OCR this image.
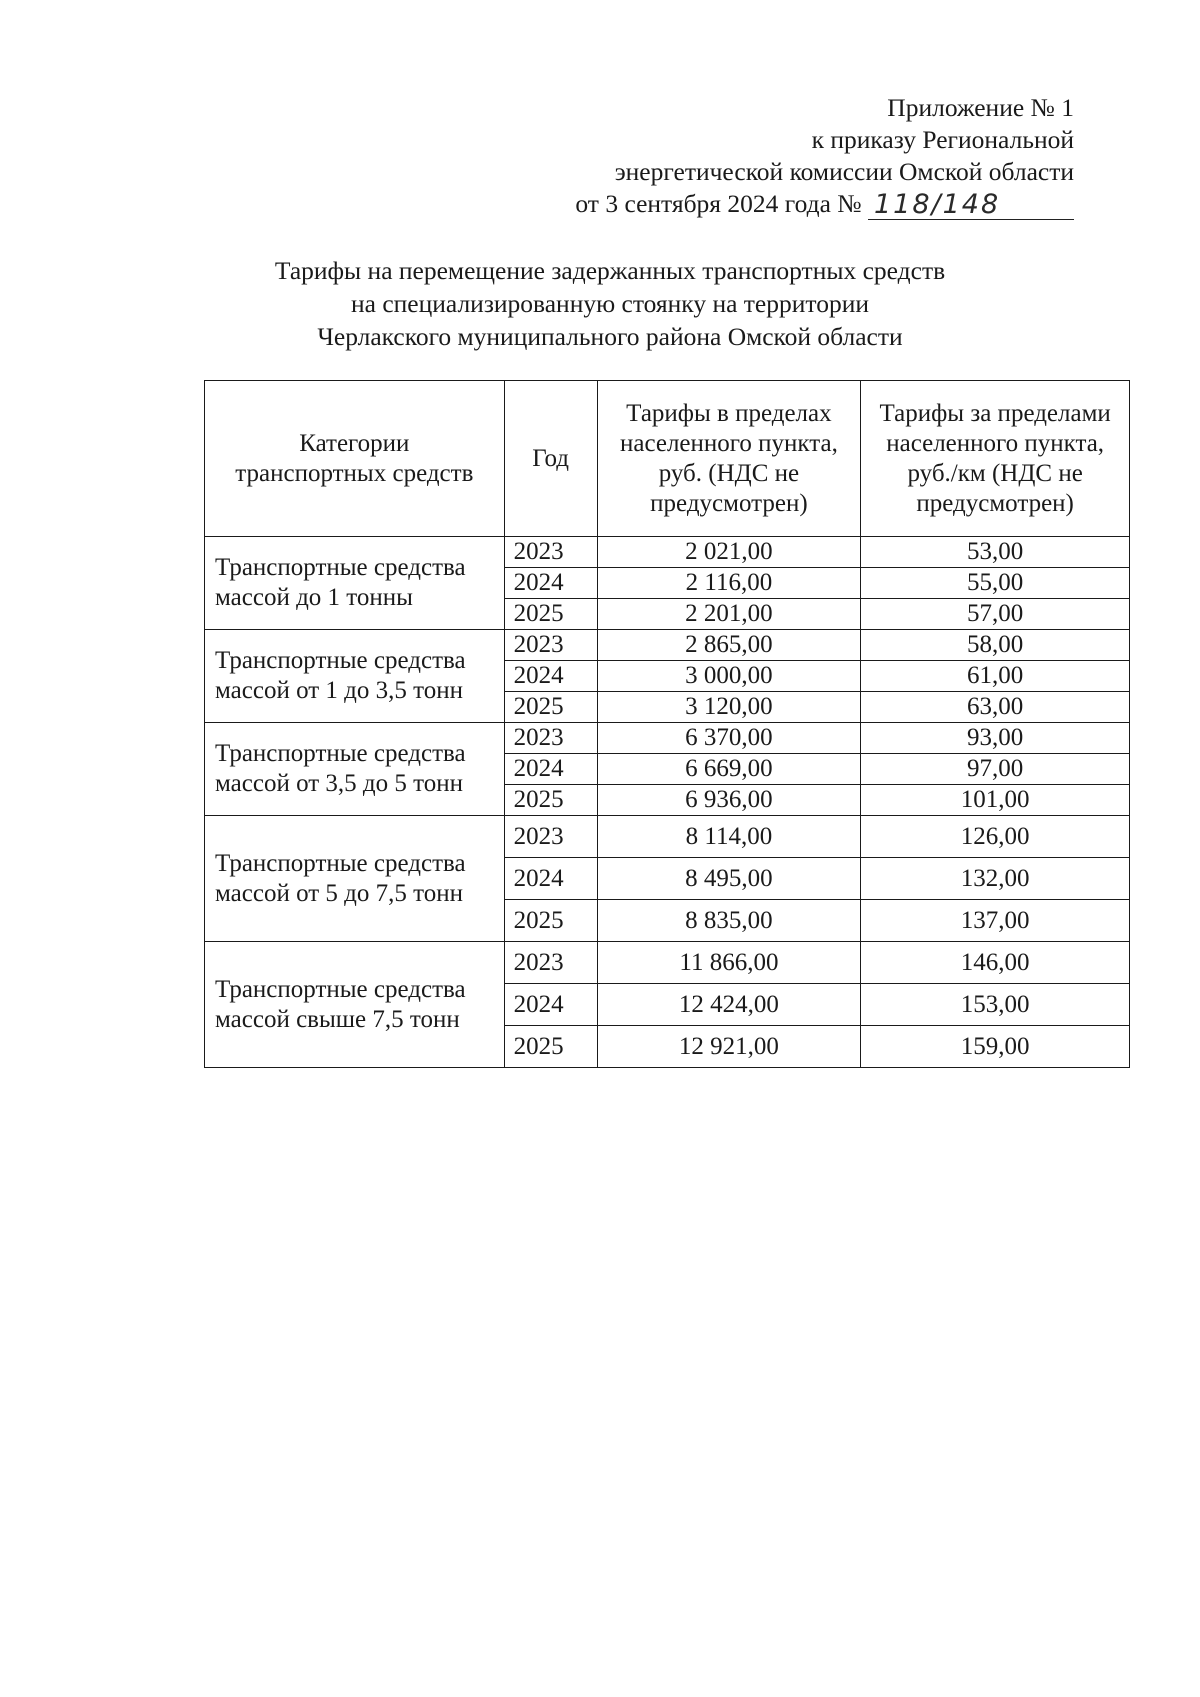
Приложение № 1
к приказу Региональной
энергетической комиссии Омской области
от 3 сентября 2024 года № 118/148
Тарифы на перемещение задержанных транспортных средств
на специализированную стоянку на территории
Черлакского муниципального района Омской области
Категории транспортных средств	Год	Тарифы в пределах населенного пункта, руб. (НДС не предусмотрен)	Тарифы за пределами населенного пункта, руб./км (НДС не предусмотрен)
Транспортные средства массой до 1 тонны	2023	2 021,00	53,00
	2024	2 116,00	55,00
	2025	2 201,00	57,00
Транспортные средства массой от 1 до 3,5 тонн	2023	2 865,00	58,00
	2024	3 000,00	61,00
	2025	3 120,00	63,00
Транспортные средства массой от 3,5 до 5 тонн	2023	6 370,00	93,00
	2024	6 669,00	97,00
	2025	6 936,00	101,00
Транспортные средства массой от 5 до 7,5 тонн	2023	8 114,00	126,00
	2024	8 495,00	132,00
	2025	8 835,00	137,00
Транспортные средства массой свыше 7,5 тонн	2023	11 866,00	146,00
	2024	12 424,00	153,00
	2025	12 921,00	159,00
